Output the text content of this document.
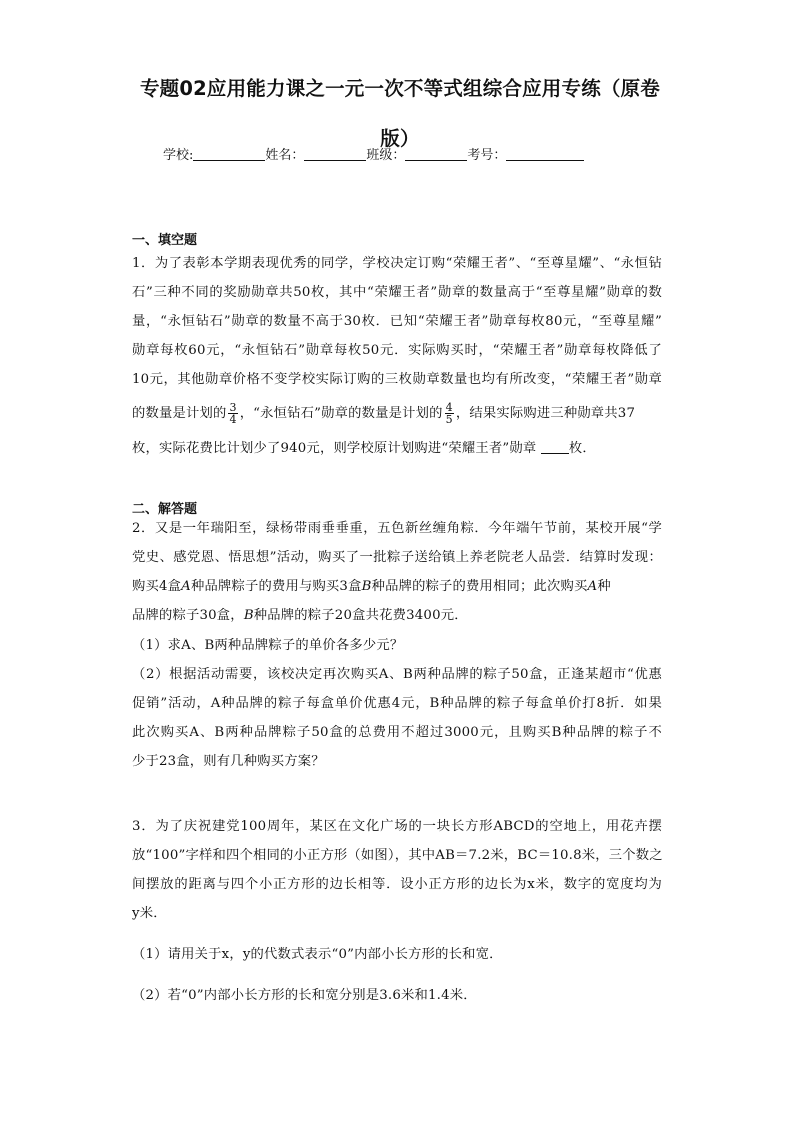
专题02应用能力课之一元一次不等式组综合应用专练（原卷
版）
学校:	姓名：	班级：	考号：
一、填空题
1．为了表彰本学期表现优秀的同学，学校决定订购“荣耀王者”、“至尊星耀”、“永恒钻
石”三种不同的奖励勋章共50枚，其中“荣耀王者”勋章的数量高于“至尊星耀”勋章的数
量，“永恒钻石”勋章的数量不高于30枚．已知“荣耀王者”勋章每枚80元，“至尊星耀”
勋章每枚60元，“永恒钻石”勋章每枚50元．实际购买时，“荣耀王者”勋章每枚降低了
10元，其他勋章价格不变学校实际订购的三枚勋章数量也均有所改变，“荣耀王者”勋章
的数量是计划的 $\frac{3}{4}$ ，“永恒钻石”勋章的数量是计划的 $\frac{4}{5}$ ，结果实际购进三种勋章共37
枚，实际花费比计划少了940元，则学校原计划购进“荣耀王者”勋章 枚．
二、解答题
2．又是一年瑞阳至，绿杨带雨垂垂重，五色新丝缠角粽．今年端午节前，某校开展“学
党史、感党恩、悟思想”活动，购买了一批粽子送给镇上养老院老人品尝．结算时发现：
购买4盒A种品牌粽子的费用与购买3盒B种品牌的粽子的费用相同；此次购买A种
品牌的粽子30盒，B种品牌的粽子20盒共花费3400元．
（1）求A、B两种品牌粽子的单价各多少元？
（2）根据活动需要，该校决定再次购买A、B两种品牌的粽子50盒，正逢某超市“优惠
促销”活动，A种品牌的粽子每盒单价优惠4元，B种品牌的粽子每盒单价打8折．如果
此次购买A、B两种品牌粽子50盒的总费用不超过3000元，且购买B种品牌的粽子不
少于23盒，则有几种购买方案？
3．为了庆祝建党100周年，某区在文化广场的一块长方形ABCD的空地上，用花卉摆
放“100”字样和四个相同的小正方形（如图），其中AB＝7.2米，BC＝10.8米，三个数之
间摆放的距离与四个小正方形的边长相等．设小正方形的边长为x米，数字的宽度均为
y米．
（1）请用关于x，y的代数式表示“0”内部小长方形的长和宽．
（2）若“0”内部小长方形的长和宽分别是3.6米和1.4米．
